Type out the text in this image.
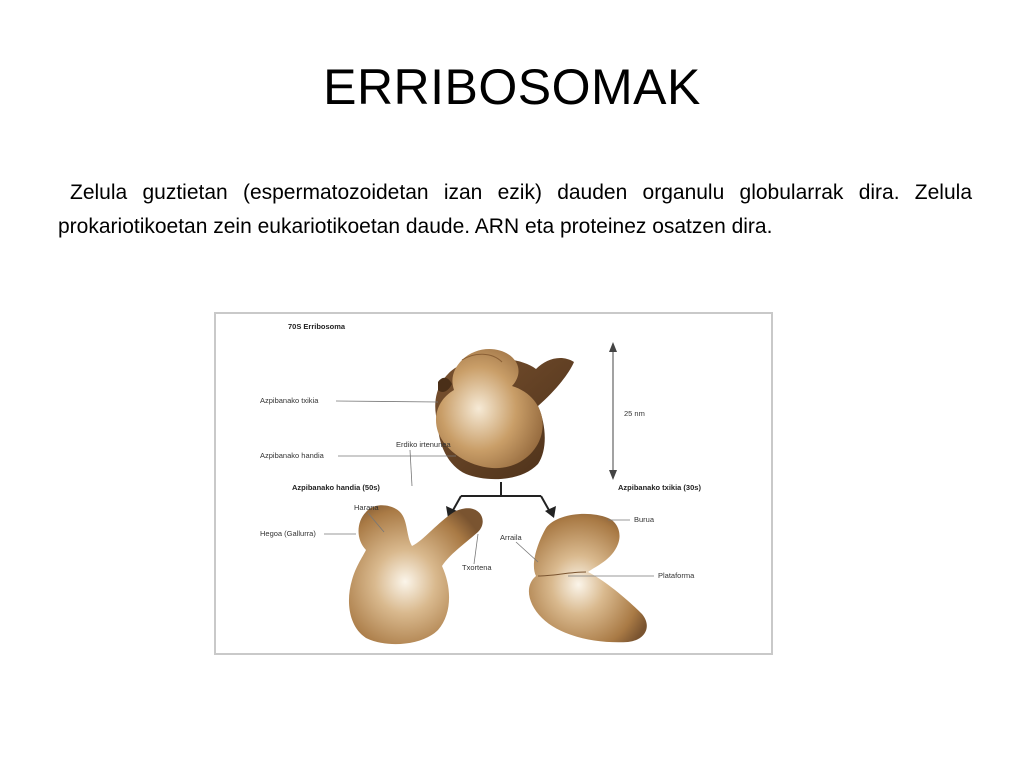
ERRIBOSOMAK
Zelula guztietan (espermatozoidetan izan ezik) dauden organulu globularrak dira. Zelula prokariotikoetan zein eukariotikoetan daude. ARN eta proteinez osatzen dira.
70S Erribosoma
25 nm
Azpibanako txikia
Azpibanako handia
Erdiko irtenunea
Azpibanako handia (50s)	Azpibanako txikia (30s)
Harana
Hegoa (Gallurra)
Txortena
Arraila
Burua
Plataforma
